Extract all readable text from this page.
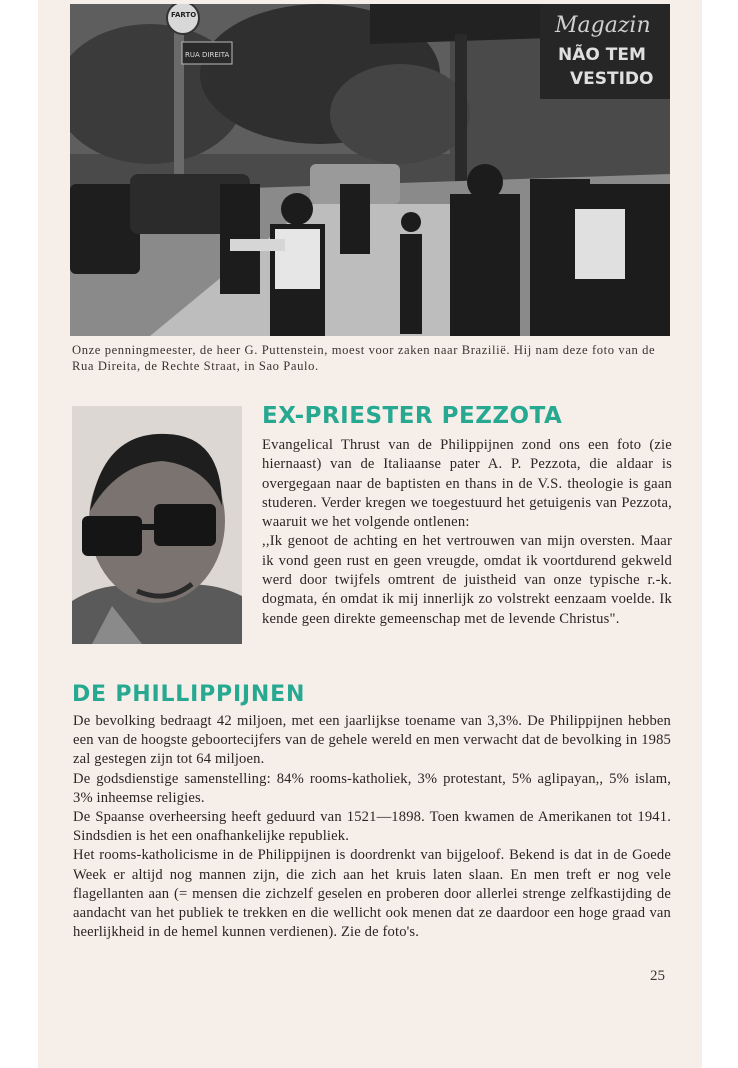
Magazin
NÃO TEM
VESTIDO
FARTO
RUA DIREITA
Onze penningmeester, de heer G. Puttenstein, moest voor zaken naar Brazilië. Hij nam deze foto van de Rua Direita, de Rechte Straat, in Sao Paulo.
EX-PRIESTER PEZZOTA

Evangelical Thrust van de Philippijnen zond ons een foto (zie hiernaast) van de Italiaanse pater A. P. Pezzota, die aldaar is overgegaan naar de baptisten en thans in de V.S. theologie is gaan studeren. Verder kregen we toegestuurd het getuigenis van Pezzota, waaruit we het volgende ontlenen:

,,Ik genoot de achting en het vertrouwen van mijn oversten. Maar ik vond geen rust en geen vreugde, omdat ik voortdurend gekweld werd door twijfels omtrent de juistheid van onze typische r.-k. dogmata, én omdat ik mij innerlijk zo volstrekt eenzaam voelde. Ik kende geen direkte gemeenschap met de levende Christus".

DE PHILLIPPIJNEN

De bevolking bedraagt 42 miljoen, met een jaarlijkse toename van 3,3%. De Philippijnen hebben een van de hoogste geboortecijfers van de gehele wereld en men verwacht dat de bevolking in 1985 zal gestegen zijn tot 64 miljoen.

De godsdienstige samenstelling: 84% rooms-katholiek, 3% protestant, 5% aglipayan,, 5% islam, 3% inheemse religies.

De Spaanse overheersing heeft geduurd van 1521—1898. Toen kwamen de Amerikanen tot 1941. Sindsdien is het een onafhankelijke republiek.

Het rooms-katholicisme in de Philippijnen is doordrenkt van bijgeloof. Bekend is dat in de Goede Week er altijd nog mannen zijn, die zich aan het kruis laten slaan. En men treft er nog vele flagellanten aan (= mensen die zichzelf geselen en proberen door allerlei strenge zelfkastijding de aandacht van het publiek te trekken en die wellicht ook menen dat ze daardoor een hoge graad van heerlijkheid in de hemel kunnen verdienen). Zie de foto's.

25
